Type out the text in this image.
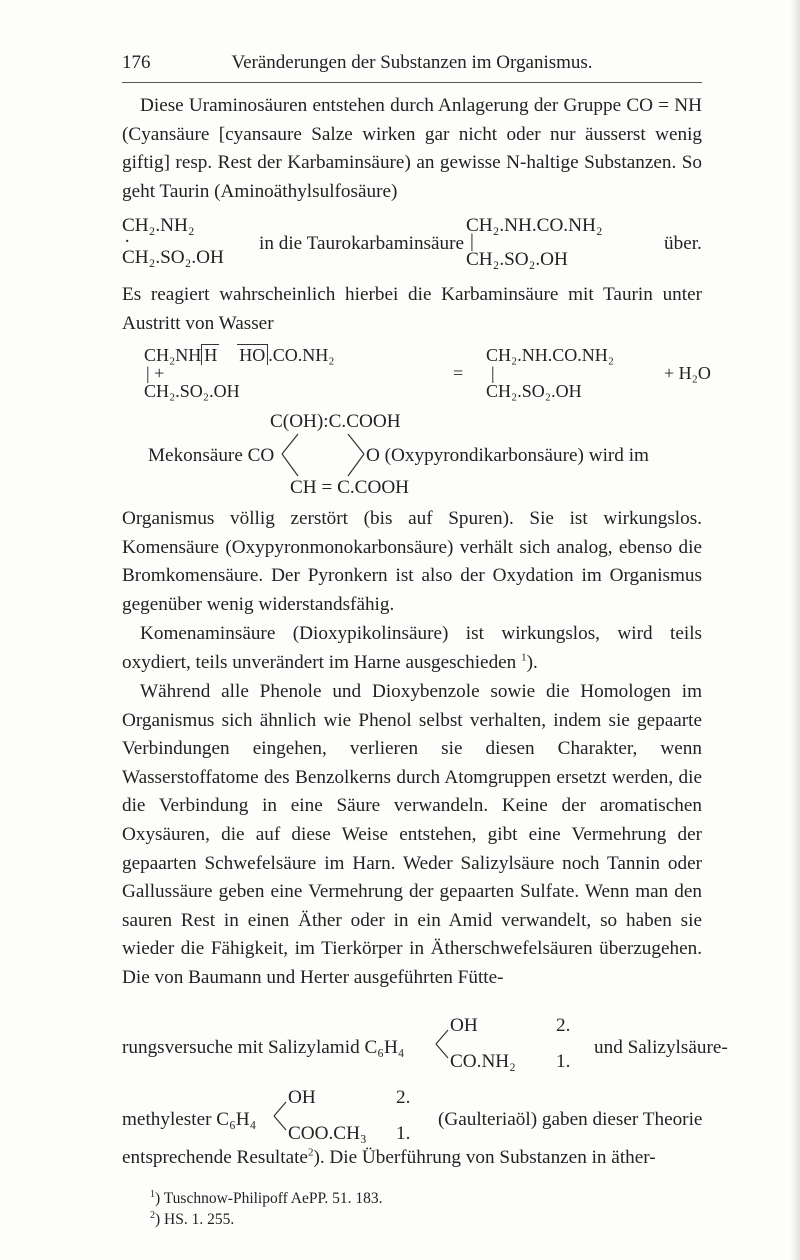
176	Veränderungen der Substanzen im Organismus.

Diese Uraminosäuren entstehen durch Anlagerung der Gruppe CO = NH (Cyansäure [cyansaure Salze wirken gar nicht oder nur äusserst wenig giftig] resp. Rest der Karbaminsäure) an gewisse N-haltige Substanzen. So geht Taurin (Aminoäthylsulfosäure)

CH₂.NH₂
·
CH₂.SO₂.OH
in die Taurokarbaminsäure
CH₂.NH.CO.NH₂
|
CH₂.SO₂.OH
über.

Es reagiert wahrscheinlich hierbei die Karbaminsäure mit Taurin unter Austritt von Wasser

CH₂NH H HO .CO.NH₂
| +
CH₂.SO₂.OH
=
CH₂.NH.CO.NH₂
|
CH₂.SO₂.OH
+ H₂O
C(OH):C.COOH
Mekonsäure CO	O (Oxypyrondikarbonsäure) wird im
CH = C.COOH

Organismus völlig zerstört (bis auf Spuren). Sie ist wirkungslos. Komensäure (Oxypyronmonokarbonsäure) verhält sich analog, ebenso die Bromkomensäure. Der Pyronkern ist also der Oxydation im Organismus gegenüber wenig widerstandsfähig.

Komenaminsäure (Dioxypikolinsäure) ist wirkungslos, wird teils oxydiert, teils unverändert im Harne ausgeschieden $^1$).

Während alle Phenole und Dioxybenzole sowie die Homologen im Organismus sich ähnlich wie Phenol selbst verhalten, indem sie gepaarte Verbindungen eingehen, verlieren sie diesen Charakter, wenn Wasserstoffatome des Benzolkerns durch Atomgruppen ersetzt werden, die die Verbindung in eine Säure verwandeln. Keine der aromatischen Oxysäuren, die auf diese Weise entstehen, gibt eine Vermehrung der gepaarten Schwefelsäure im Harn. Weder Salizylsäure noch Tannin oder Gallussäure geben eine Vermehrung der gepaarten Sulfate. Wenn man den sauren Rest in einen Äther oder in ein Amid verwandelt, so haben sie wieder die Fähigkeit, im Tierkörper in Ätherschwefelsäuren überzugehen. Die von Baumann und Herter ausgeführten Fütte-

rungsversuche mit Salizylamid C₆H₄
OH
CO.NH₂
2.
1.
und Salizylsäure-
methylester C₆H₄
OH
COO.CH₃
2.
1.
(Gaulteriaöl) gaben dieser Theorie

entsprechende Resultate$^2$). Die Überführung von Substanzen in äther-

$^1$) Tuschnow-Philipoff AePP. 51. 183.
$^2$) HS. 1. 255.
